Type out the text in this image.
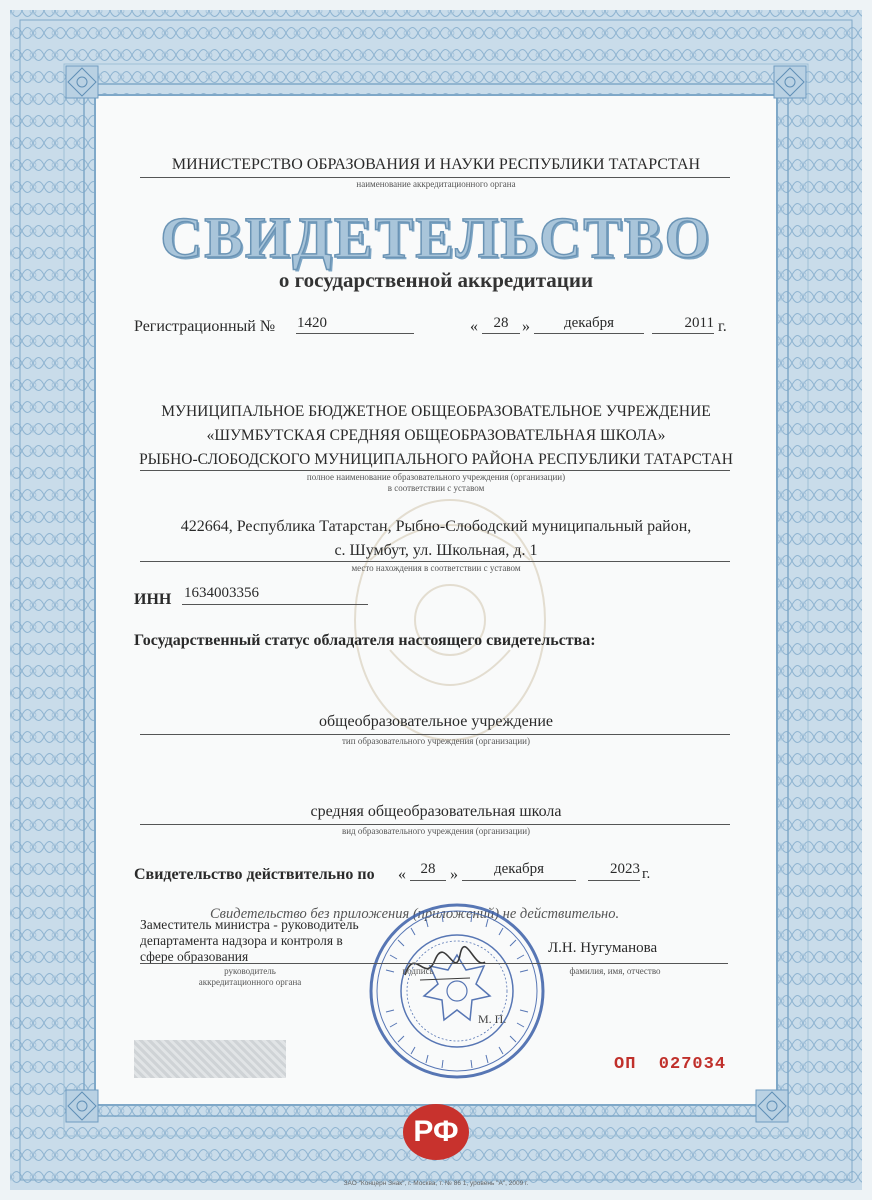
МИНИСТЕРСТВО ОБРАЗОВАНИЯ И НАУКИ РЕСПУБЛИКИ ТАТАРСТАН
наименование аккредитационного органа
СВИДЕТЕЛЬСТВО
о государственной аккредитации
Регистрационный № 1420	«	28 »	декабря	2011 г.
МУНИЦИПАЛЬНОЕ БЮДЖЕТНОЕ ОБЩЕОБРАЗОВАТЕЛЬНОЕ УЧРЕЖДЕНИЕ
«ШУМБУТСКАЯ СРЕДНЯЯ ОБЩЕОБРАЗОВАТЕЛЬНАЯ ШКОЛА»
РЫБНО-СЛОБОДСКОГО МУНИЦИПАЛЬНОГО РАЙОНА РЕСПУБЛИКИ ТАТАРСТАН
полное наименование образовательного учреждения (организации)
в соответствии с уставом
422664, Республика Татарстан, Рыбно-Слободский муниципальный район,
с. Шумбут, ул. Школьная, д. 1
место нахождения в соответствии с уставом
ИНН 1634003356
Государственный статус обладателя настоящего свидетельства:
общеобразовательное учреждение
тип образовательного учреждения (организации)
средняя общеобразовательная школа
вид образовательного учреждения (организации)
Свидетельство действительно по « 28 »	декабря	2023 г.
Свидетельство без приложения (приложений) не действительно.
Заместитель министра - руководитель департамента надзора и контроля в сфере образования
руководитель аккредитационного органа
подпись
Л.Н. Нугуманова
фамилия, имя, отчество
М. П.
ОП  027034
РФ
ЗАО "Концерн Знак", г. Москва, т. № 86 1, уровень "А", 2009 г.
